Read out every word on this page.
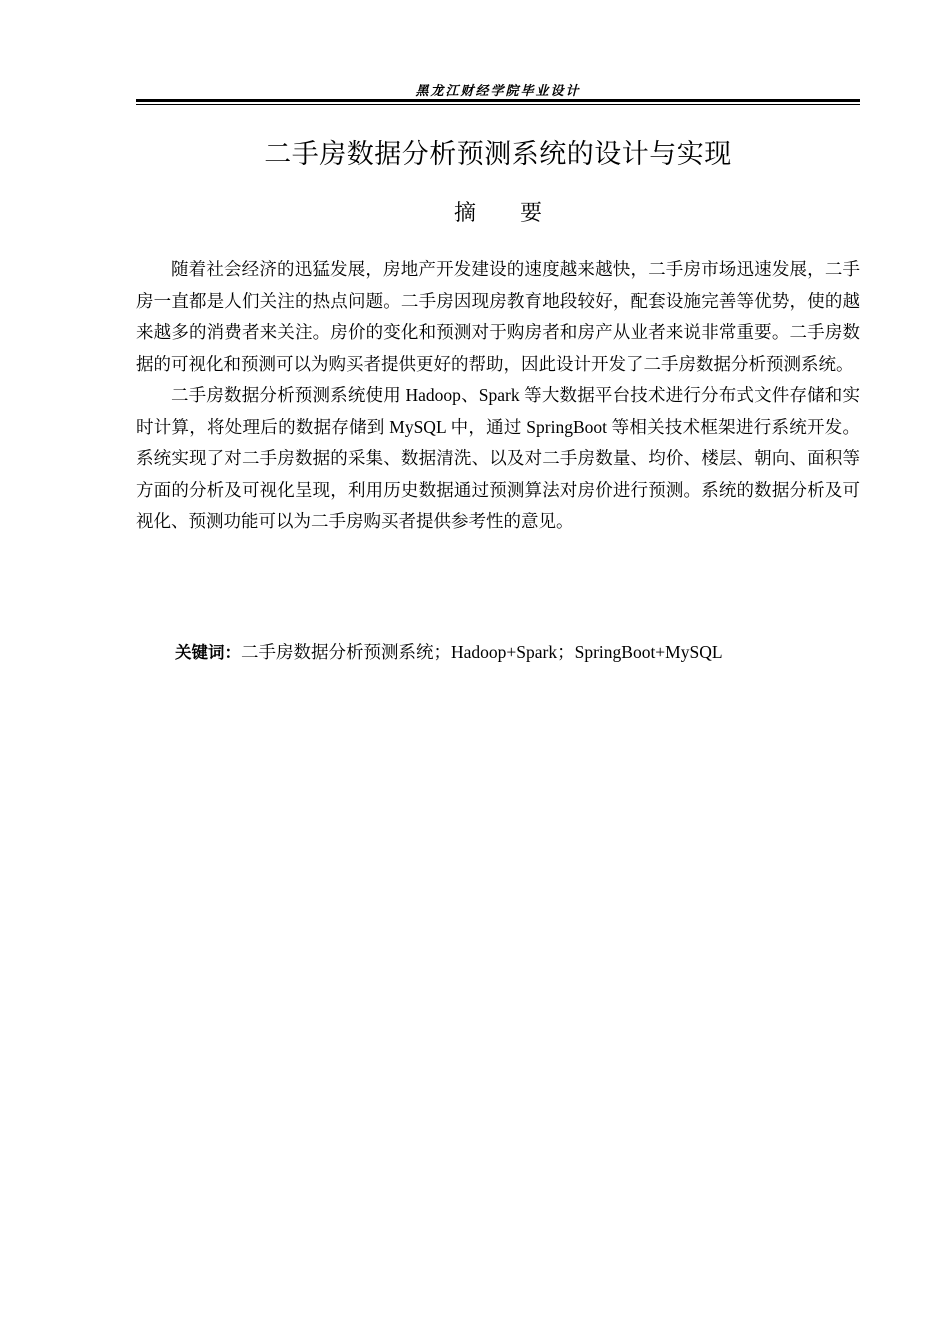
黑龙江财经学院毕业设计
二手房数据分析预测系统的设计与实现
摘 要

随着社会经济的迅猛发展，房地产开发建设的速度越来越快，二手房市场迅速发展，二手房一直都是人们关注的热点问题。二手房因现房教育地段较好，配套设施完善等优势，使的越来越多的消费者来关注。房价的变化和预测对于购房者和房产从业者来说非常重要。二手房数据的可视化和预测可以为购买者提供更好的帮助，因此设计开发了二手房数据分析预测系统。

二手房数据分析预测系统使用 Hadoop、Spark 等大数据平台技术进行分布式文件存储和实时计算，将处理后的数据存储到 MySQL 中，通过 SpringBoot 等相关技术框架进行系统开发。系统实现了对二手房数据的采集、数据清洗、以及对二手房数量、均价、楼层、朝向、面积等方面的分析及可视化呈现，利用历史数据通过预测算法对房价进行预测。系统的数据分析及可视化、预测功能可以为二手房购买者提供参考性的意见。

关键词：二手房数据分析预测系统；Hadoop+Spark；SpringBoot+MySQL
